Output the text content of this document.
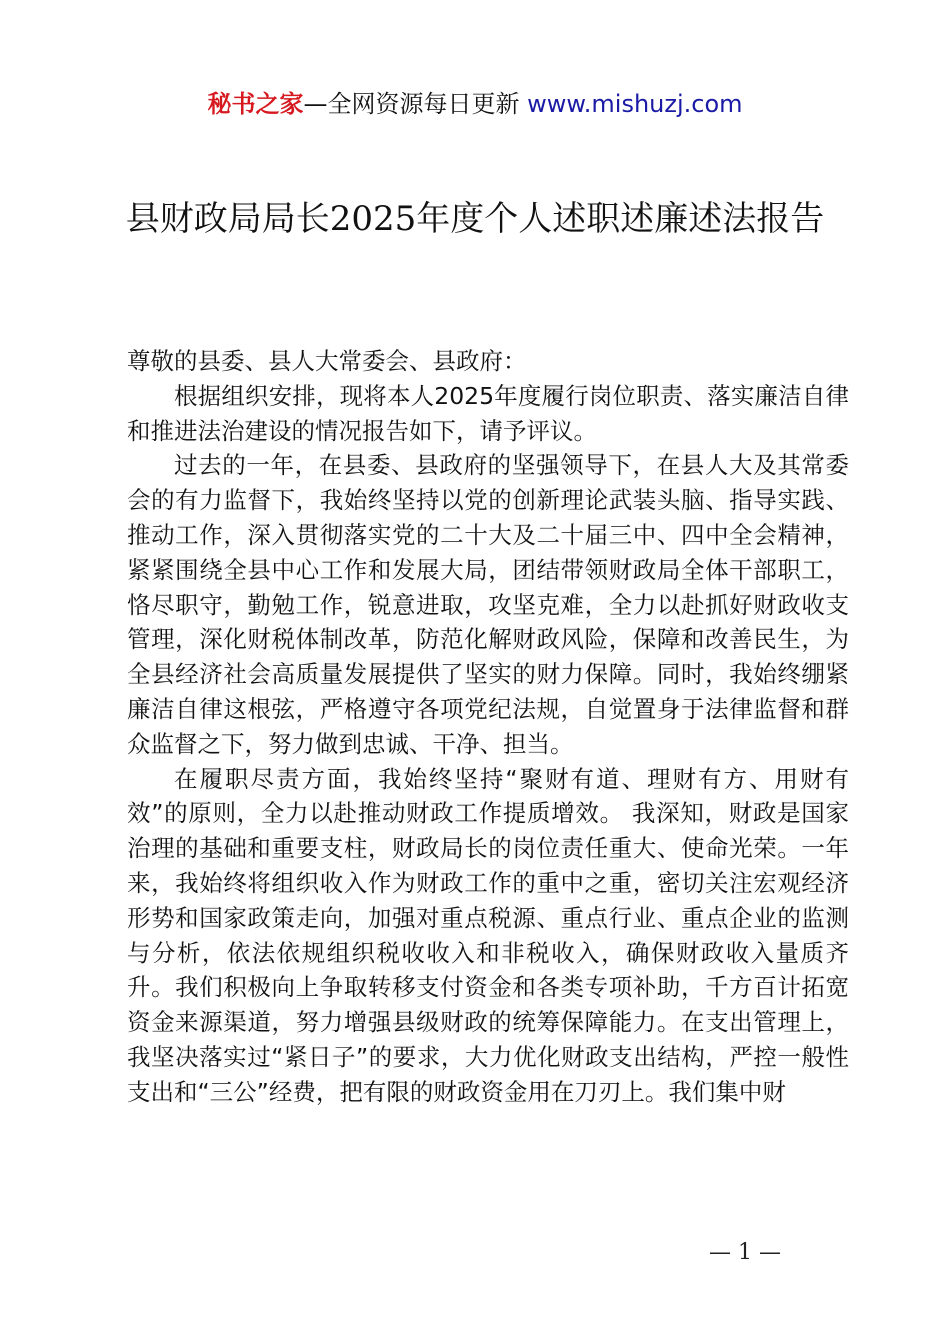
秘书之家—全网资源每日更新 www.mishuzj.com
县财政局局长2025年度个人述职述廉述法报告

尊敬的县委、县人大常委会、县政府：

根据组织安排，现将本人2025年度履行岗位职责、落实廉洁自律和推进法治建设的情况报告如下，请予评议。

过去的一年，在县委、县政府的坚强领导下，在县人大及其常委会的有力监督下，我始终坚持以党的创新理论武装头脑、指导实践、推动工作，深入贯彻落实党的二十大及二十届三中、四中全会精神，紧紧围绕全县中心工作和发展大局，团结带领财政局全体干部职工，恪尽职守，勤勉工作，锐意进取，攻坚克难，全力以赴抓好财政收支管理，深化财税体制改革，防范化解财政风险，保障和改善民生，为全县经济社会高质量发展提供了坚实的财力保障。同时，我始终绷紧廉洁自律这根弦，严格遵守各项党纪法规，自觉置身于法律监督和群众监督之下，努力做到忠诚、干净、担当。

在履职尽责方面，我始终坚持“聚财有道、理财有方、用财有效”的原则，全力以赴推动财政工作提质增效。 我深知，财政是国家治理的基础和重要支柱，财政局长的岗位责任重大、使命光荣。一年来，我始终将组织收入作为财政工作的重中之重，密切关注宏观经济形势和国家政策走向，加强对重点税源、重点行业、重点企业的监测与分析，依法依规组织税收收入和非税收入，确保财政收入量质齐升。我们积极向上争取转移支付资金和各类专项补助，千方百计拓宽资金来源渠道，努力增强县级财政的统筹保障能力。在支出管理上，我坚决落实过“紧日子”的要求，大力优化财政支出结构，严控一般性支出和“三公”经费，把有限的财政资金用在刀刃上。我们集中财

— 1 —
